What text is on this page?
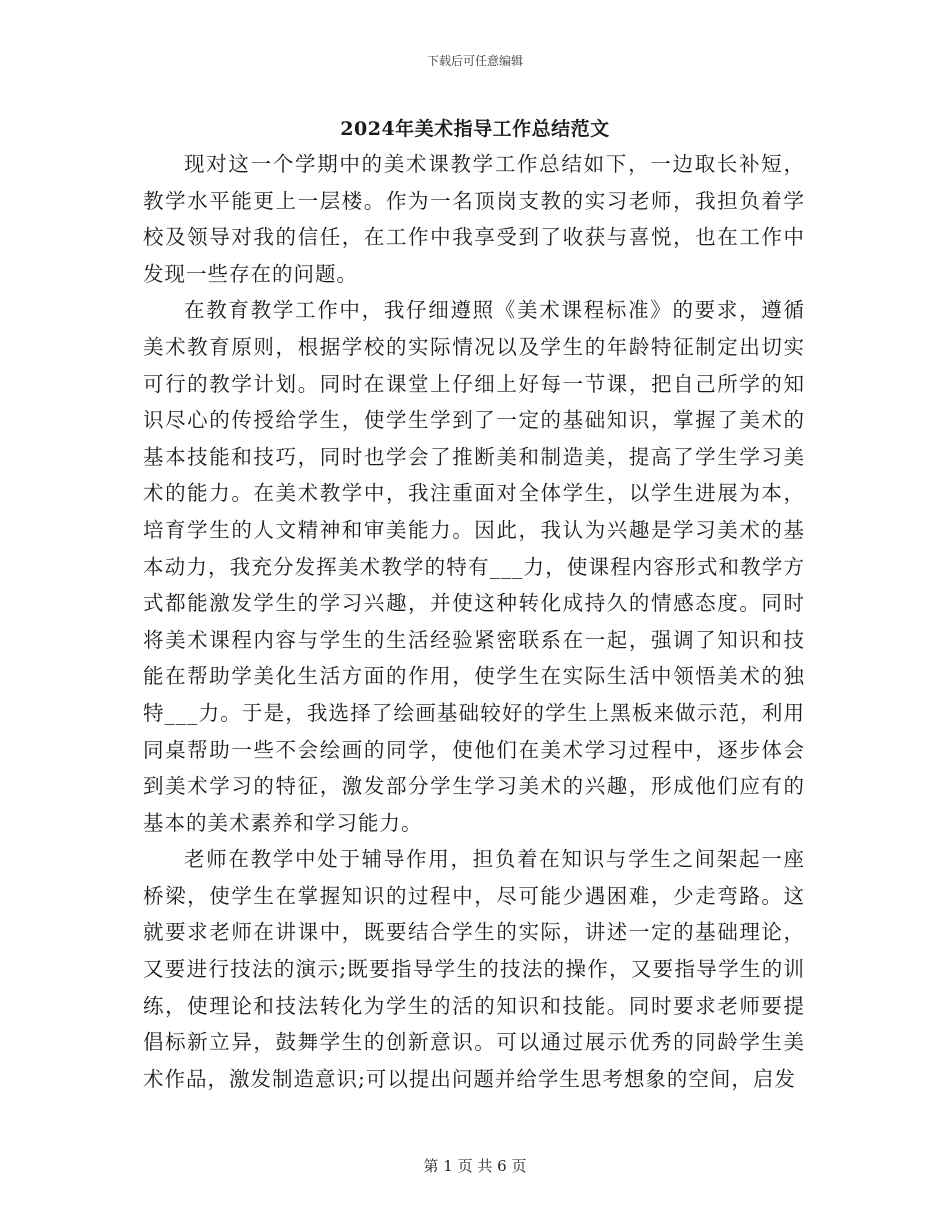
下载后可任意编辑
2024年美术指导工作总结范文

现对这一个学期中的美术课教学工作总结如下，一边取长补短，教学水平能更上一层楼。作为一名顶岗支教的实习老师，我担负着学校及领导对我的信任，在工作中我享受到了收获与喜悦，也在工作中发现一些存在的问题。

在教育教学工作中，我仔细遵照《美术课程标准》的要求，遵循美术教育原则，根据学校的实际情况以及学生的年龄特征制定出切实可行的教学计划。同时在课堂上仔细上好每一节课，把自己所学的知识尽心的传授给学生，使学生学到了一定的基础知识，掌握了美术的基本技能和技巧，同时也学会了推断美和制造美，提高了学生学习美术的能力。在美术教学中，我注重面对全体学生，以学生进展为本，培育学生的人文精神和审美能力。因此，我认为兴趣是学习美术的基本动力，我充分发挥美术教学的特有___力，使课程内容形式和教学方式都能激发学生的学习兴趣，并使这种转化成持久的情感态度。同时将美术课程内容与学生的生活经验紧密联系在一起，强调了知识和技能在帮助学美化生活方面的作用，使学生在实际生活中领悟美术的独特___力。于是，我选择了绘画基础较好的学生上黑板来做示范，利用同桌帮助一些不会绘画的同学，使他们在美术学习过程中，逐步体会到美术学习的特征，激发部分学生学习美术的兴趣，形成他们应有的基本的美术素养和学习能力。

老师在教学中处于辅导作用，担负着在知识与学生之间架起一座桥梁，使学生在掌握知识的过程中，尽可能少遇困难，少走弯路。这就要求老师在讲课中，既要结合学生的实际，讲述一定的基础理论，又要进行技法的演示;既要指导学生的技法的操作，又要指导学生的训练，使理论和技法转化为学生的活的知识和技能。同时要求老师要提倡标新立异，鼓舞学生的创新意识。可以通过展示优秀的同龄学生美术作品，激发制造意识;可以提出问题并给学生思考想象的空间，启发

第 1 页 共 6 页
